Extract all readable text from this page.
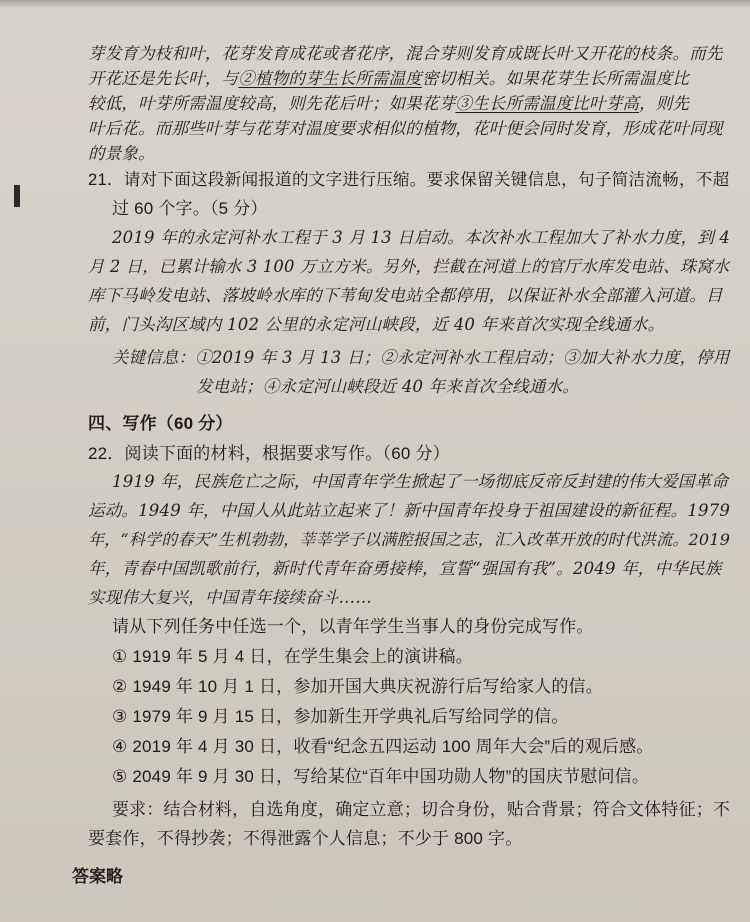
芽发育为枝和叶，花芽发育成花或者花序，混合芽则发育成既长叶又开花的枝条。而先
开花还是先长叶，与②植物的芽生长所需温度密切相关。如果花芽生长所需温度比
较低，叶芽所需温度较高，则先花后叶；如果花芽③生长所需温度比叶芽高，则先
叶后花。而那些叶芽与花芽对温度要求相似的植物，花叶便会同时发育，形成花叶同现
的景象。
21．请对下面这段新闻报道的文字进行压缩。要求保留关键信息，句子简洁流畅，不超
过 60 个字。（5 分）
2019 年的永定河补水工程于 3 月 13 日启动。本次补水工程加大了补水力度，到 4
月 2 日，已累计输水 3 100 万立方米。另外，拦截在河道上的官厅水库发电站、珠窝水
库下马岭发电站、落坡岭水库的下苇甸发电站全都停用，以保证补水全部灌入河道。目
前，门头沟区域内 102 公里的永定河山峡段，近 40 年来首次实现全线通水。
关键信息：①2019 年 3 月 13 日；②永定河补水工程启动；③加大补水力度，停用
发电站；④永定河山峡段近 40 年来首次全线通水。
四、写作（60 分）
22．阅读下面的材料，根据要求写作。（60 分）
1919 年，民族危亡之际，中国青年学生掀起了一场彻底反帝反封建的伟大爱国革命
运动。1949 年，中国人从此站立起来了！新中国青年投身于祖国建设的新征程。1979
年，“科学的春天”生机勃勃，莘莘学子以满腔报国之志，汇入改革开放的时代洪流。2019
年，青春中国凯歌前行，新时代青年奋勇接棒，宣誓“强国有我”。2049 年，中华民族
实现伟大复兴，中国青年接续奋斗……
请从下列任务中任选一个，以青年学生当事人的身份完成写作。
① 1919 年 5 月 4 日，在学生集会上的演讲稿。
② 1949 年 10 月 1 日，参加开国大典庆祝游行后写给家人的信。
③ 1979 年 9 月 15 日，参加新生开学典礼后写给同学的信。
④ 2019 年 4 月 30 日，收看“纪念五四运动 100 周年大会”后的观后感。
⑤ 2049 年 9 月 30 日，写给某位“百年中国功勋人物”的国庆节慰问信。
要求：结合材料，自选角度，确定立意；切合身份，贴合背景；符合文体特征；不
要套作，不得抄袭；不得泄露个人信息；不少于 800 字。
答案略
